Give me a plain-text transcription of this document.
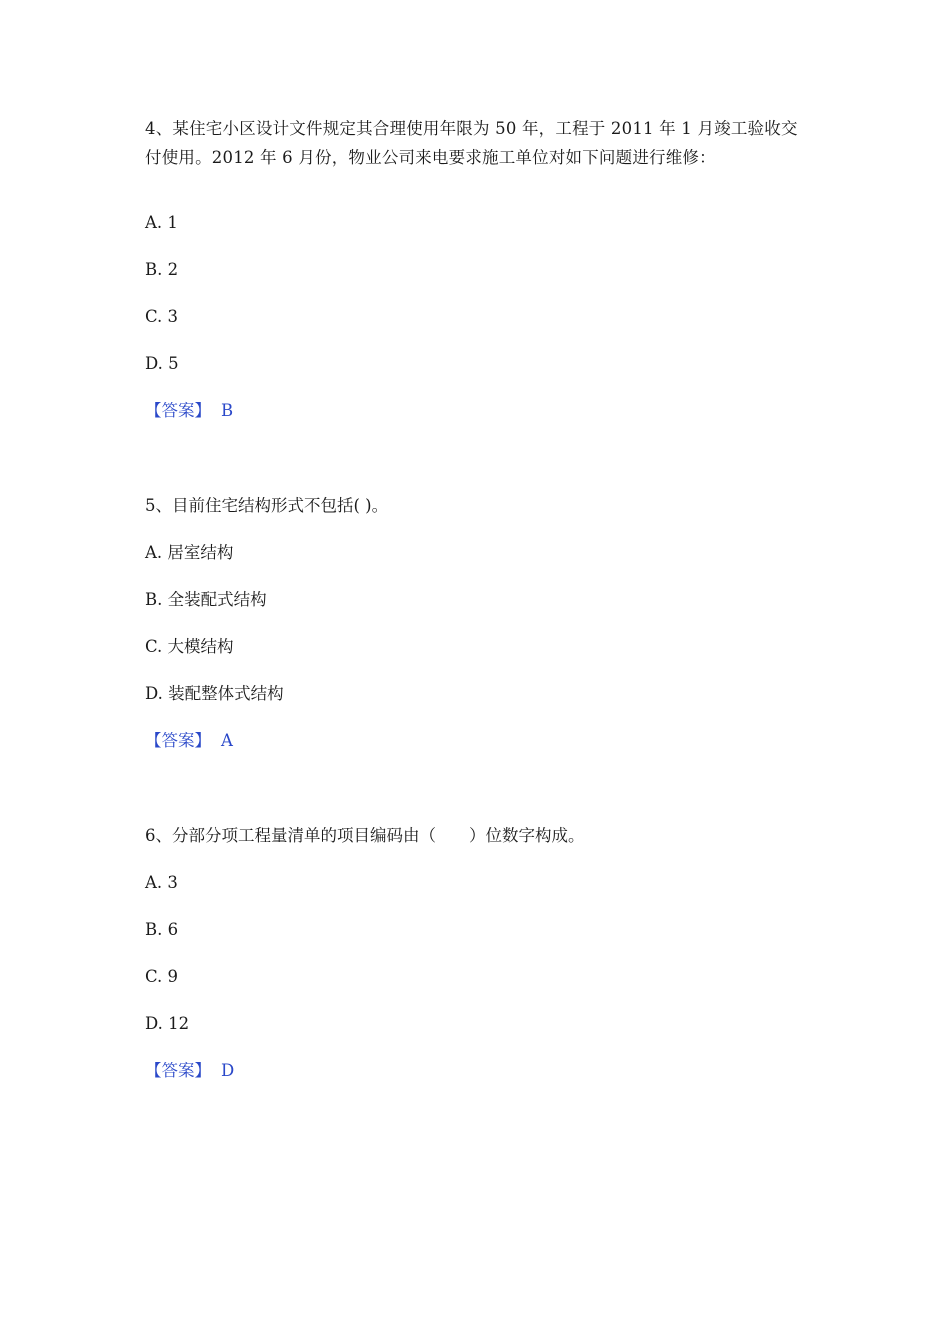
4、某住宅小区设计文件规定其合理使用年限为 50 年，工程于 2011 年 1 月竣工验收交付使用。2012 年 6 月份，物业公司来电要求施工单位对如下问题进行维修：
A. 1
B. 2
C. 3
D. 5
【答案】 B
5、目前住宅结构形式不包括( )。
A. 居室结构
B. 全装配式结构
C. 大模结构
D. 装配整体式结构
【答案】 A
6、分部分项工程量清单的项目编码由（　　）位数字构成。
A. 3
B. 6
C. 9
D. 12
【答案】 D
